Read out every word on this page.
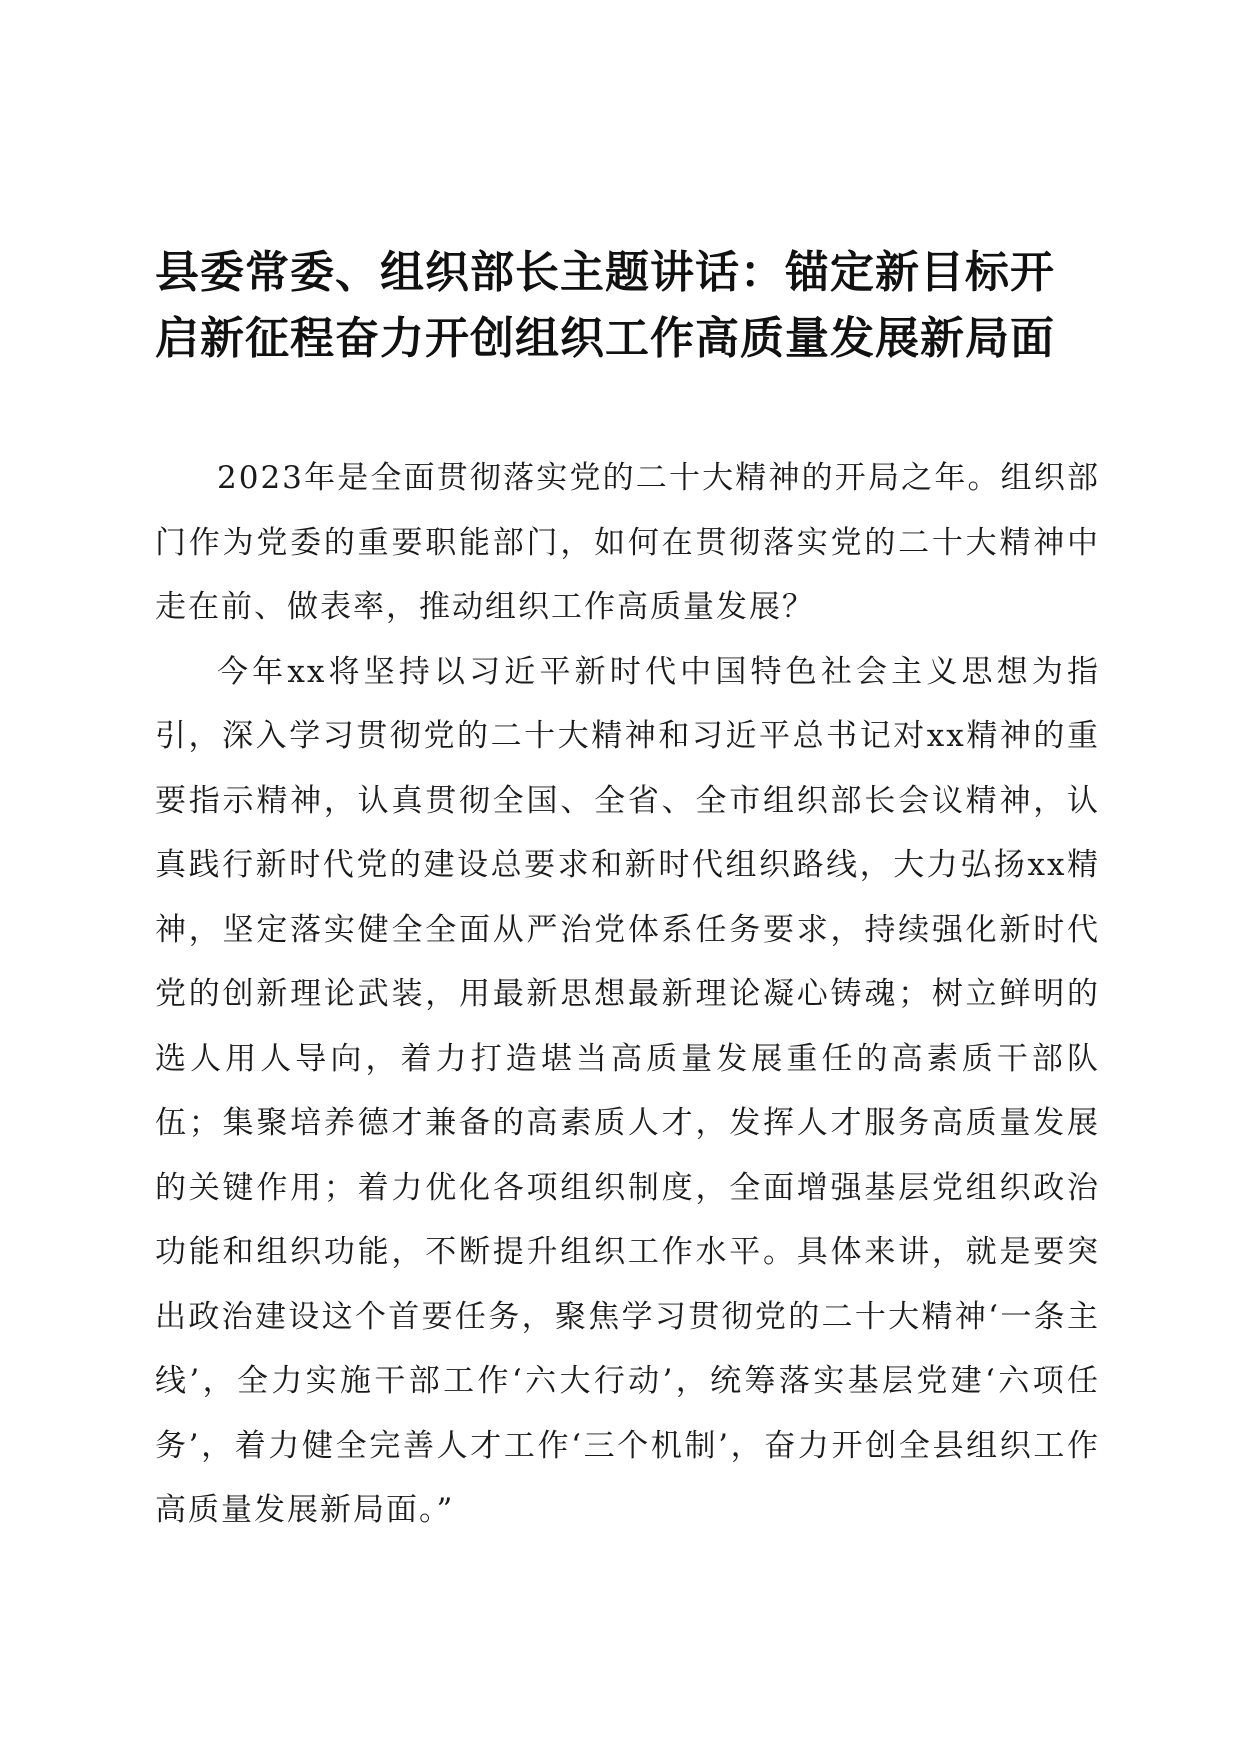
县委常委、组织部长主题讲话：锚定新目标开
启新征程奋力开创组织工作高质量发展新局面

2023年是全面贯彻落实党的二十大精神的开局之年。组织部门作为党委的重要职能部门，如何在贯彻落实党的二十大精神中走在前、做表率，推动组织工作高质量发展？

今年xx将坚持以习近平新时代中国特色社会主义思想为指引，深入学习贯彻党的二十大精神和习近平总书记对xx精神的重要指示精神，认真贯彻全国、全省、全市组织部长会议精神，认真践行新时代党的建设总要求和新时代组织路线，大力弘扬xx精神，坚定落实健全全面从严治党体系任务要求，持续强化新时代党的创新理论武装，用最新思想最新理论凝心铸魂；树立鲜明的选人用人导向，着力打造堪当高质量发展重任的高素质干部队伍；集聚培养德才兼备的高素质人才，发挥人才服务高质量发展的关键作用；着力优化各项组织制度，全面增强基层党组织政治功能和组织功能，不断提升组织工作水平。具体来讲，就是要突出政治建设这个首要任务，聚焦学习贯彻党的二十大精神‘一条主线’，全力实施干部工作‘六大行动’，统筹落实基层党建‘六项任务’，着力健全完善人才工作‘三个机制’，奋力开创全县组织工作高质量发展新局面。”
